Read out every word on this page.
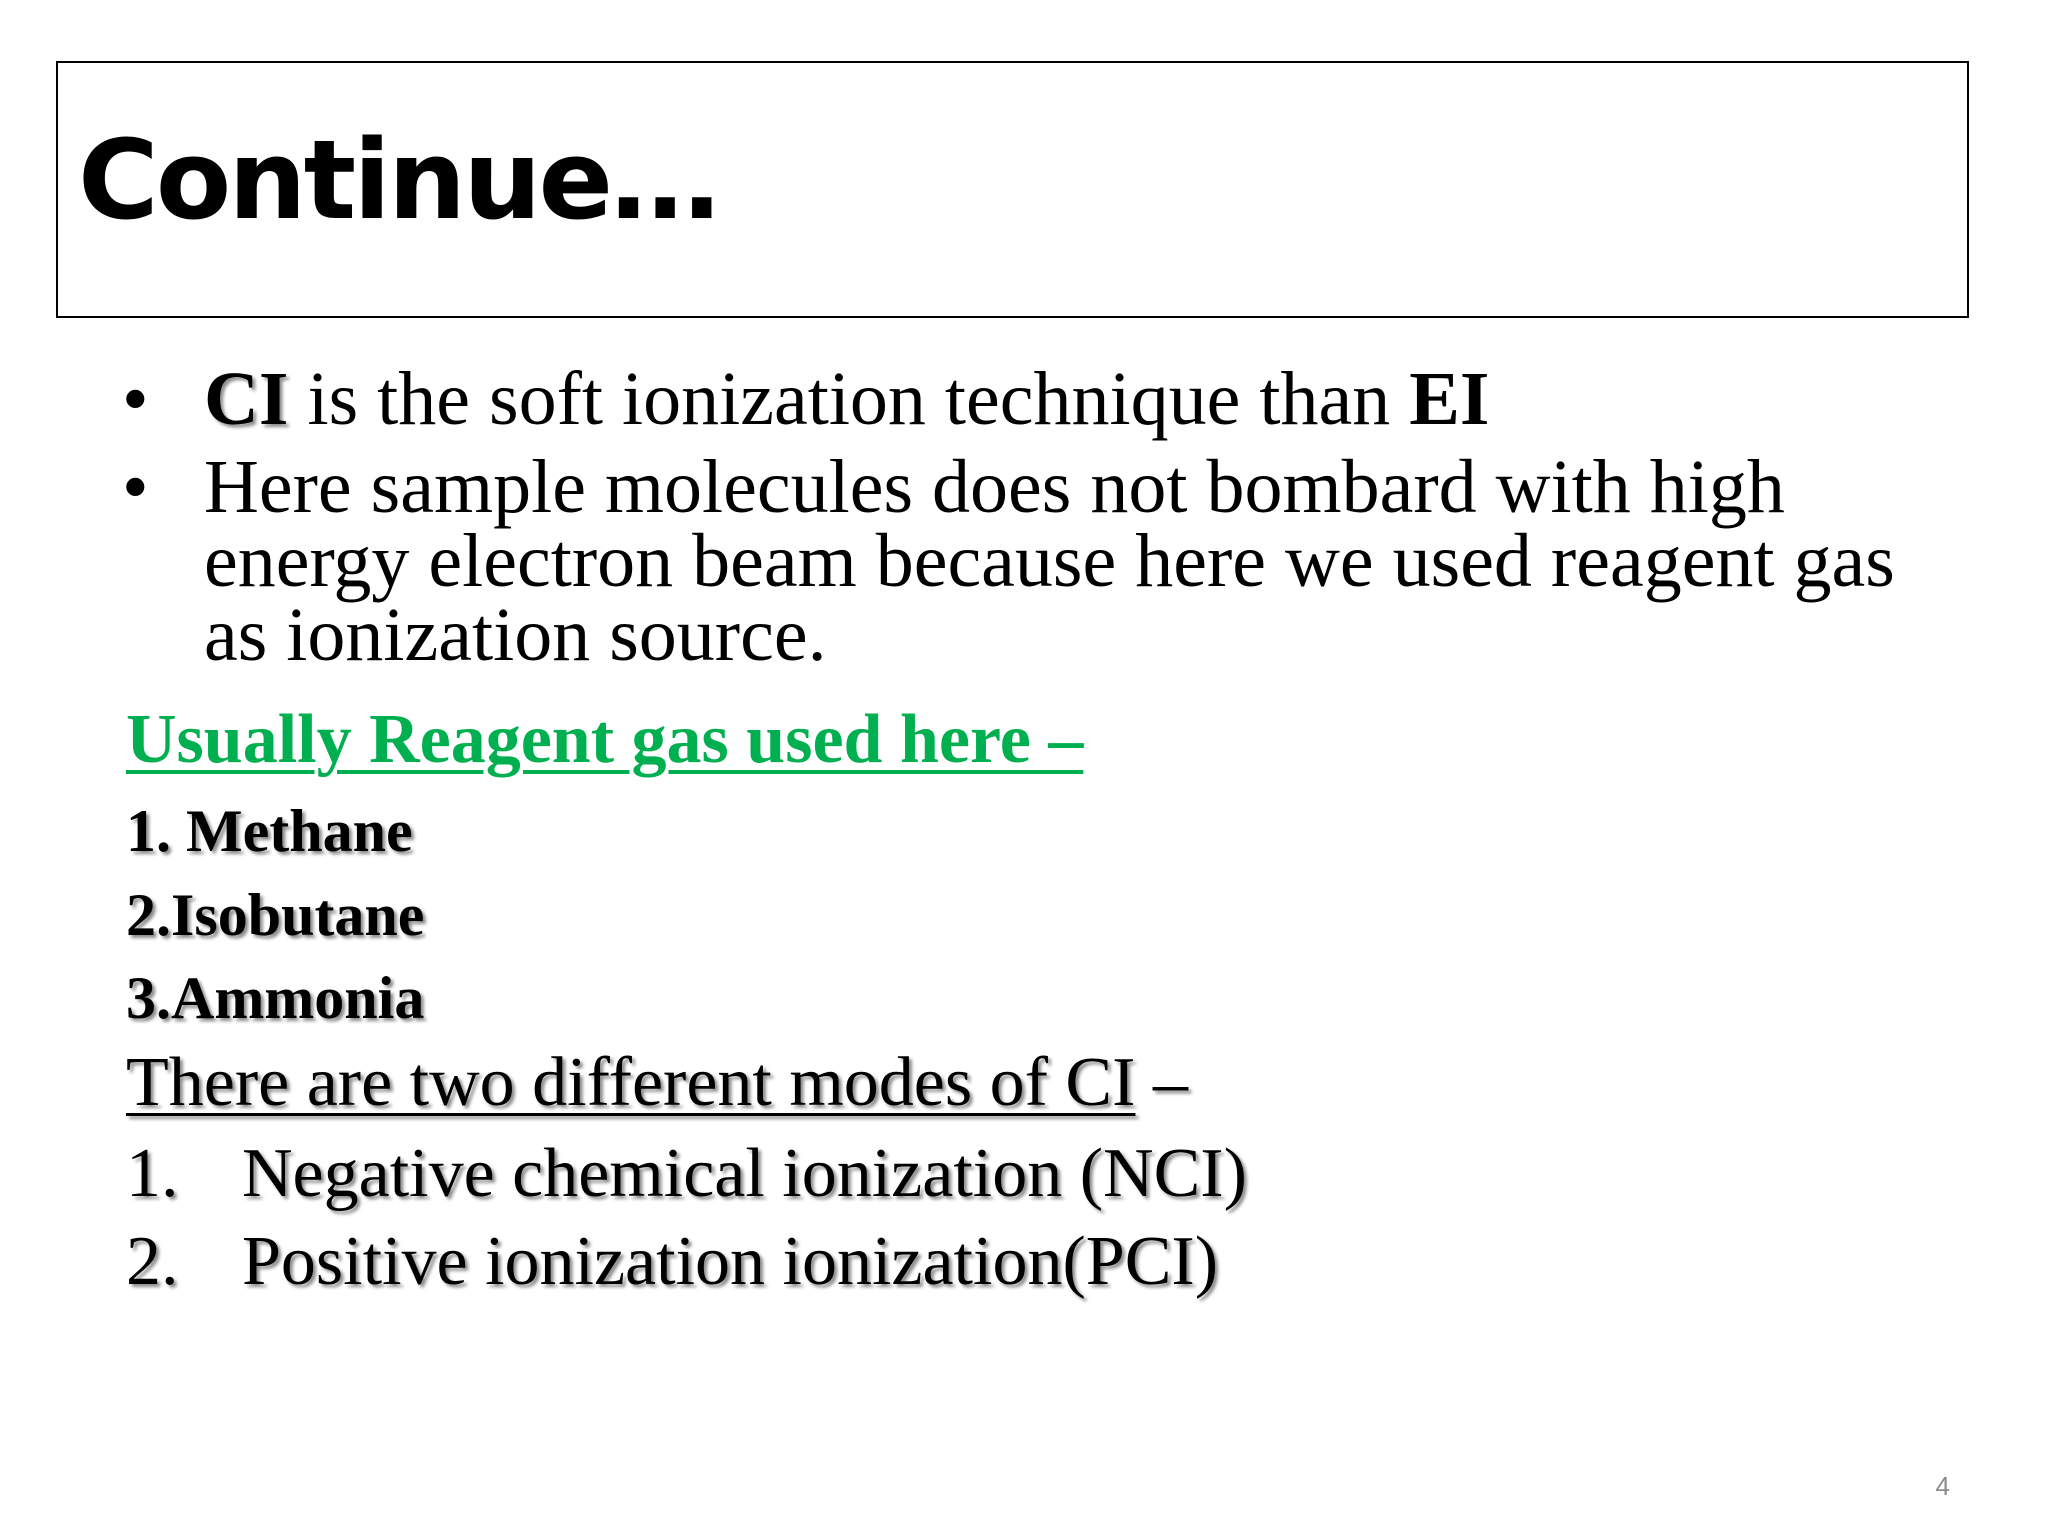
Continue…
• CI is the soft ionization technique than EI
• Here sample molecules does not bombard with high energy electron beam because here we used reagent gas as ionization source.
Usually Reagent gas used here –
1. Methane
2.Isobutane
3.Ammonia
There are two different modes of CI –
1. Negative chemical ionization (NCI)
2. Positive ionization ionization(PCI)
4
